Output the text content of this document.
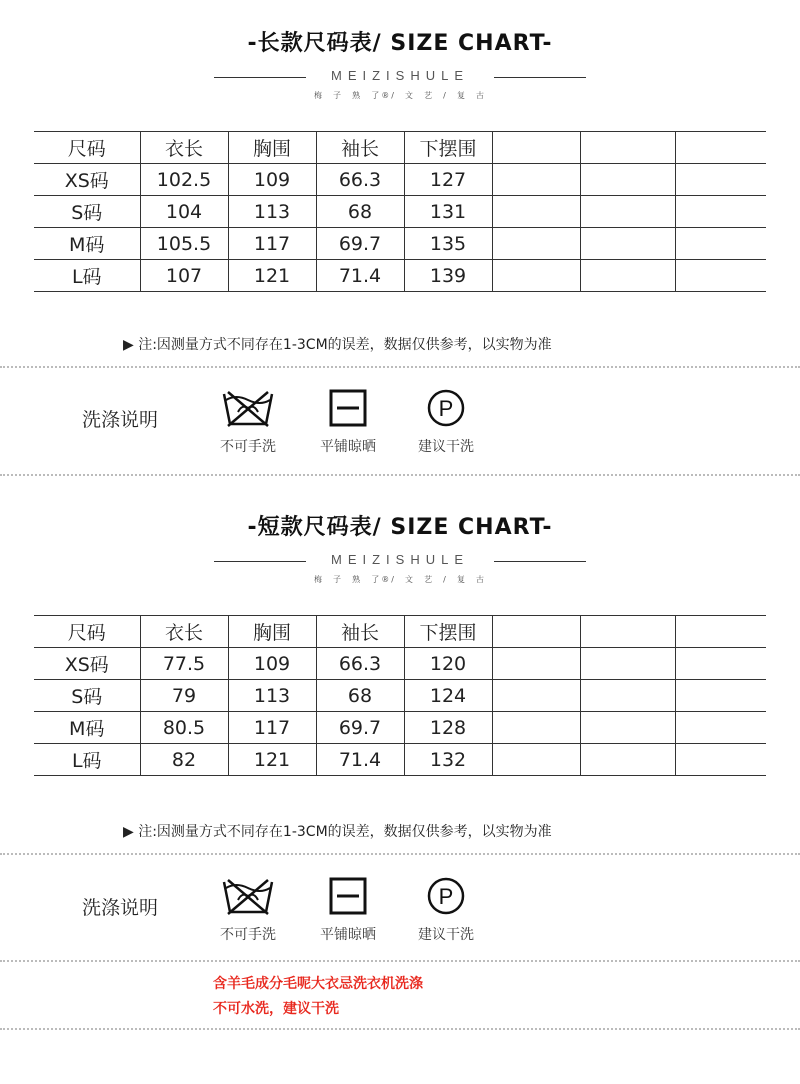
-长款尺码表/ SIZE CHART-
MEIZISHULE
梅  子  熟  了®/  文  艺  /  复  古
尺码	衣长	胸围	袖长	下摆围			
XS码	102.5	109	66.3	127			
S码	104	113	68	131			
M码	105.5	117	69.7	135			
L码	107	121	71.4	139			
▶ 注:因测量方式不同存在1-3CM的误差，数据仅供参考，以实物为准
洗涤说明
不可手洗	平铺晾晒
P
建议干洗
-短款尺码表/ SIZE CHART-
MEIZISHULE
梅  子  熟  了®/  文  艺  /  复  古
尺码	衣长	胸围	袖长	下摆围			
XS码	77.5	109	66.3	120			
S码	79	113	68	124			
M码	80.5	117	69.7	128			
L码	82	121	71.4	132			
▶ 注:因测量方式不同存在1-3CM的误差，数据仅供参考，以实物为准
洗涤说明
不可手洗	平铺晾晒
P
建议干洗
含羊毛成分毛呢大衣忌洗衣机洗涤
不可水洗，建议干洗
